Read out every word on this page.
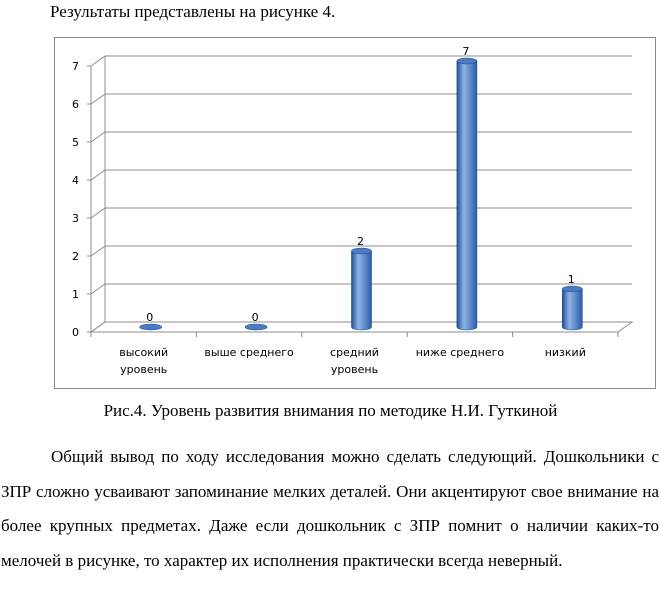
Результаты представлены на рисунке 4.

0
1
2
3
4
5
6
7
0
высокий
уровень
0
выше среднего
2
средний
уровень
7
ниже среднего
1
низкий

Рис.4. Уровень развития внимания по методике Н.И. Гуткиной

Общий вывод по ходу исследования можно сделать следующий. Дошкольники с ЗПР сложно усваивают запоминание мелких деталей. Они акцентируют свое внимание на более крупных предметах. Даже если дошкольник с ЗПР помнит о наличии каких-то мелочей в рисунке, то характер их исполнения практически всегда неверный.
